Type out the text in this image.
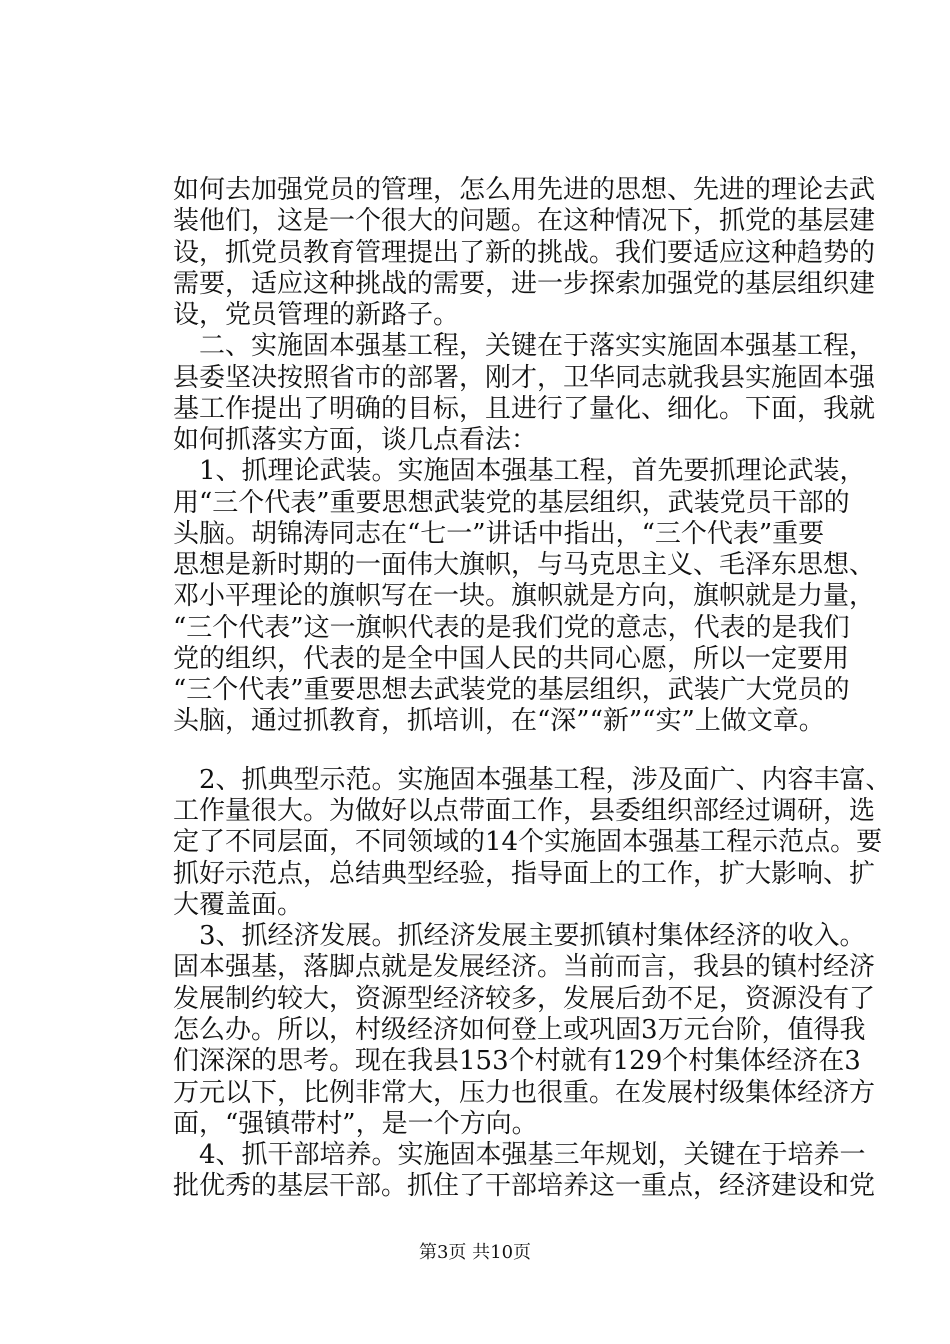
如何去加强党员的管理，怎么用先进的思想、先进的理论去武

装他们，这是一个很大的问题。在这种情况下，抓党的基层建

设，抓党员教育管理提出了新的挑战。我们要适应这种趋势的

需要，适应这种挑战的需要，进一步探索加强党的基层组织建

设，党员管理的新路子。

　二、实施固本强基工程，关键在于落实实施固本强基工程，

县委坚决按照省市的部署，刚才，卫华同志就我县实施固本强

基工作提出了明确的目标，且进行了量化、细化。下面，我就

如何抓落实方面，谈几点看法：

　1、抓理论武装。实施固本强基工程，首先要抓理论武装，

用“三个代表”重要思想武装党的基层组织，武装党员干部的

头脑。胡锦涛同志在“七一”讲话中指出，“三个代表”重要

思想是新时期的一面伟大旗帜，与马克思主义、毛泽东思想、

邓小平理论的旗帜写在一块。旗帜就是方向，旗帜就是力量，

“三个代表”这一旗帜代表的是我们党的意志，代表的是我们

党的组织，代表的是全中国人民的共同心愿，所以一定要用

“三个代表”重要思想去武装党的基层组织，武装广大党员的

头脑，通过抓教育，抓培训，在“深”“新”“实”上做文章。

　2、抓典型示范。实施固本强基工程，涉及面广、内容丰富、

工作量很大。为做好以点带面工作，县委组织部经过调研，选

定了不同层面，不同领域的14个实施固本强基工程示范点。要

抓好示范点，总结典型经验，指导面上的工作，扩大影响、扩

大覆盖面。

　3、抓经济发展。抓经济发展主要抓镇村集体经济的收入。

固本强基，落脚点就是发展经济。当前而言，我县的镇村经济

发展制约较大，资源型经济较多，发展后劲不足，资源没有了

怎么办。所以，村级经济如何登上或巩固3万元台阶，值得我

们深深的思考。现在我县153个村就有129个村集体经济在3

万元以下，比例非常大，压力也很重。在发展村级集体经济方

面，“强镇带村”，是一个方向。

　4、抓干部培养。实施固本强基三年规划，关键在于培养一

批优秀的基层干部。抓住了干部培养这一重点，经济建设和党

第3页 共10页
